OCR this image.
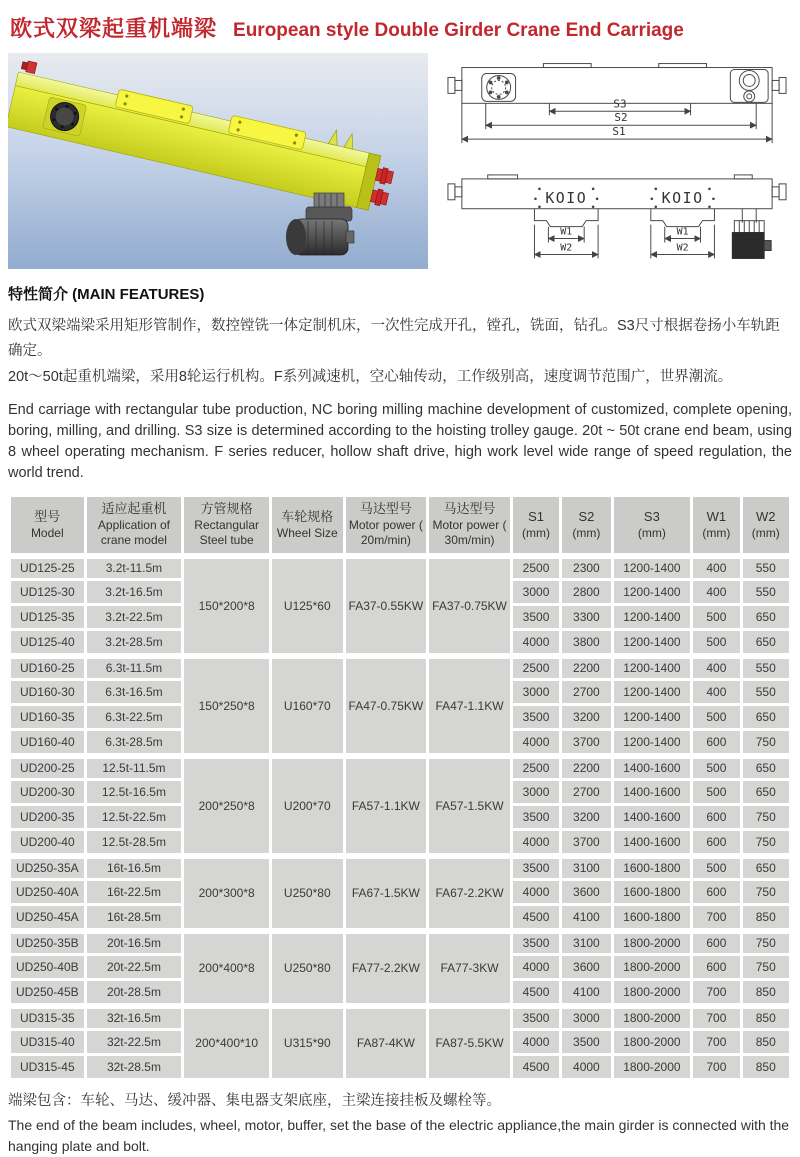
欧式双梁起重机端梁 European style Double Girder Crane End Carriage
S3
S2
S1
KOIO	KOIO
W1
W2
W1
W2
特性简介 (MAIN FEATURES)

欧式双梁端梁采用矩形管制作，数控镗铣一体定制机床，一次性完成开孔，镗孔，铣面，钻孔。S3尺寸根据卷扬小车轨距确定。

20t～50t起重机端梁，采用8轮运行机构。F系列减速机，空心轴传动，工作级别高，速度调节范围广，世界潮流。

End carriage with rectangular tube production, NC boring milling machine development of customized, complete opening, boring, milling, and drilling. S3 size is determined according to the hoisting trolley gauge. 20t ~ 50t crane end beam, using 8 wheel operating mechanism. F series reducer, hollow shaft drive, high work level wide range of speed regulation, the world trend.

型号
Model

适应起重机
Application of crane model

方管规格
Rectangular Steel tube

车轮规格
Wheel Size

马达型号
Motor power ( 20m/min)

马达型号
Motor power ( 30m/min)

S1
(mm)

S2
(mm)

S3
(mm)

W1
(mm)

W2
(mm)

UD125-25	3.2t-11.5m	150*200*8	U125*60	FA37-0.55KW	FA37-0.75KW	2500	2300	1200-1400	400	550
UD125-30	3.2t-16.5m					3000	2800	1200-1400	400	550
UD125-35	3.2t-22.5m					3500	3300	1200-1400	500	650
UD125-40	3.2t-28.5m					4000	3800	1200-1400	500	650
UD160-25	6.3t-11.5m	150*250*8	U160*70	FA47-0.75KW	FA47-1.1KW	2500	2200	1200-1400	400	550
UD160-30	6.3t-16.5m					3000	2700	1200-1400	400	550
UD160-35	6.3t-22.5m					3500	3200	1200-1400	500	650
UD160-40	6.3t-28.5m					4000	3700	1200-1400	600	750
UD200-25	12.5t-11.5m	200*250*8	U200*70	FA57-1.1KW	FA57-1.5KW	2500	2200	1400-1600	500	650
UD200-30	12.5t-16.5m					3000	2700	1400-1600	500	650
UD200-35	12.5t-22.5m					3500	3200	1400-1600	600	750
UD200-40	12.5t-28.5m					4000	3700	1400-1600	600	750
UD250-35A	16t-16.5m	200*300*8	U250*80	FA67-1.5KW	FA67-2.2KW	3500	3100	1600-1800	500	650
UD250-40A	16t-22.5m					4000	3600	1600-1800	600	750
UD250-45A	16t-28.5m					4500	4100	1600-1800	700	850
UD250-35B	20t-16.5m	200*400*8	U250*80	FA77-2.2KW	FA77-3KW	3500	3100	1800-2000	600	750
UD250-40B	20t-22.5m					4000	3600	1800-2000	600	750
UD250-45B	20t-28.5m					4500	4100	1800-2000	700	850
UD315-35	32t-16.5m	200*400*10	U315*90	FA87-4KW	FA87-5.5KW	3500	3000	1800-2000	700	850
UD315-40	32t-22.5m					4000	3500	1800-2000	700	850
UD315-45	32t-28.5m					4500	4000	1800-2000	700	850

端梁包含：车轮、马达、缓冲器、集电器支架底座，主梁连接挂板及螺栓等。

The end of the beam includes, wheel, motor, buffer, set the base of the electric appliance,the main girder is connected with the hanging plate and bolt.
